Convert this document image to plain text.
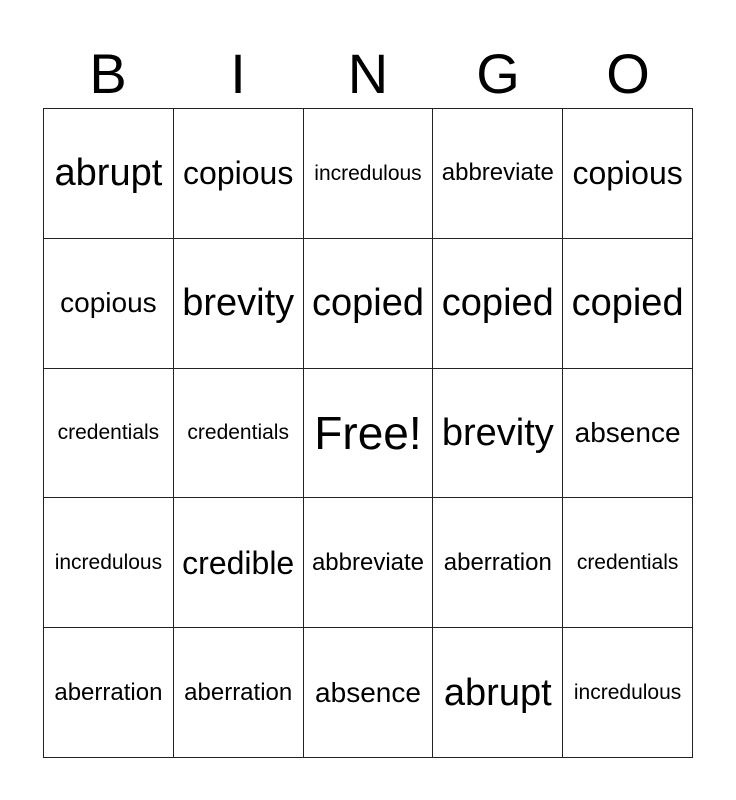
B	I	N	G	O
abrupt copious incredulous abbreviate copious
copious brevity copied copied copied
credentials	credentials Free! brevity absence
incredulous credible abbreviate aberration	credentials
aberration aberration absence abrupt	incredulous
